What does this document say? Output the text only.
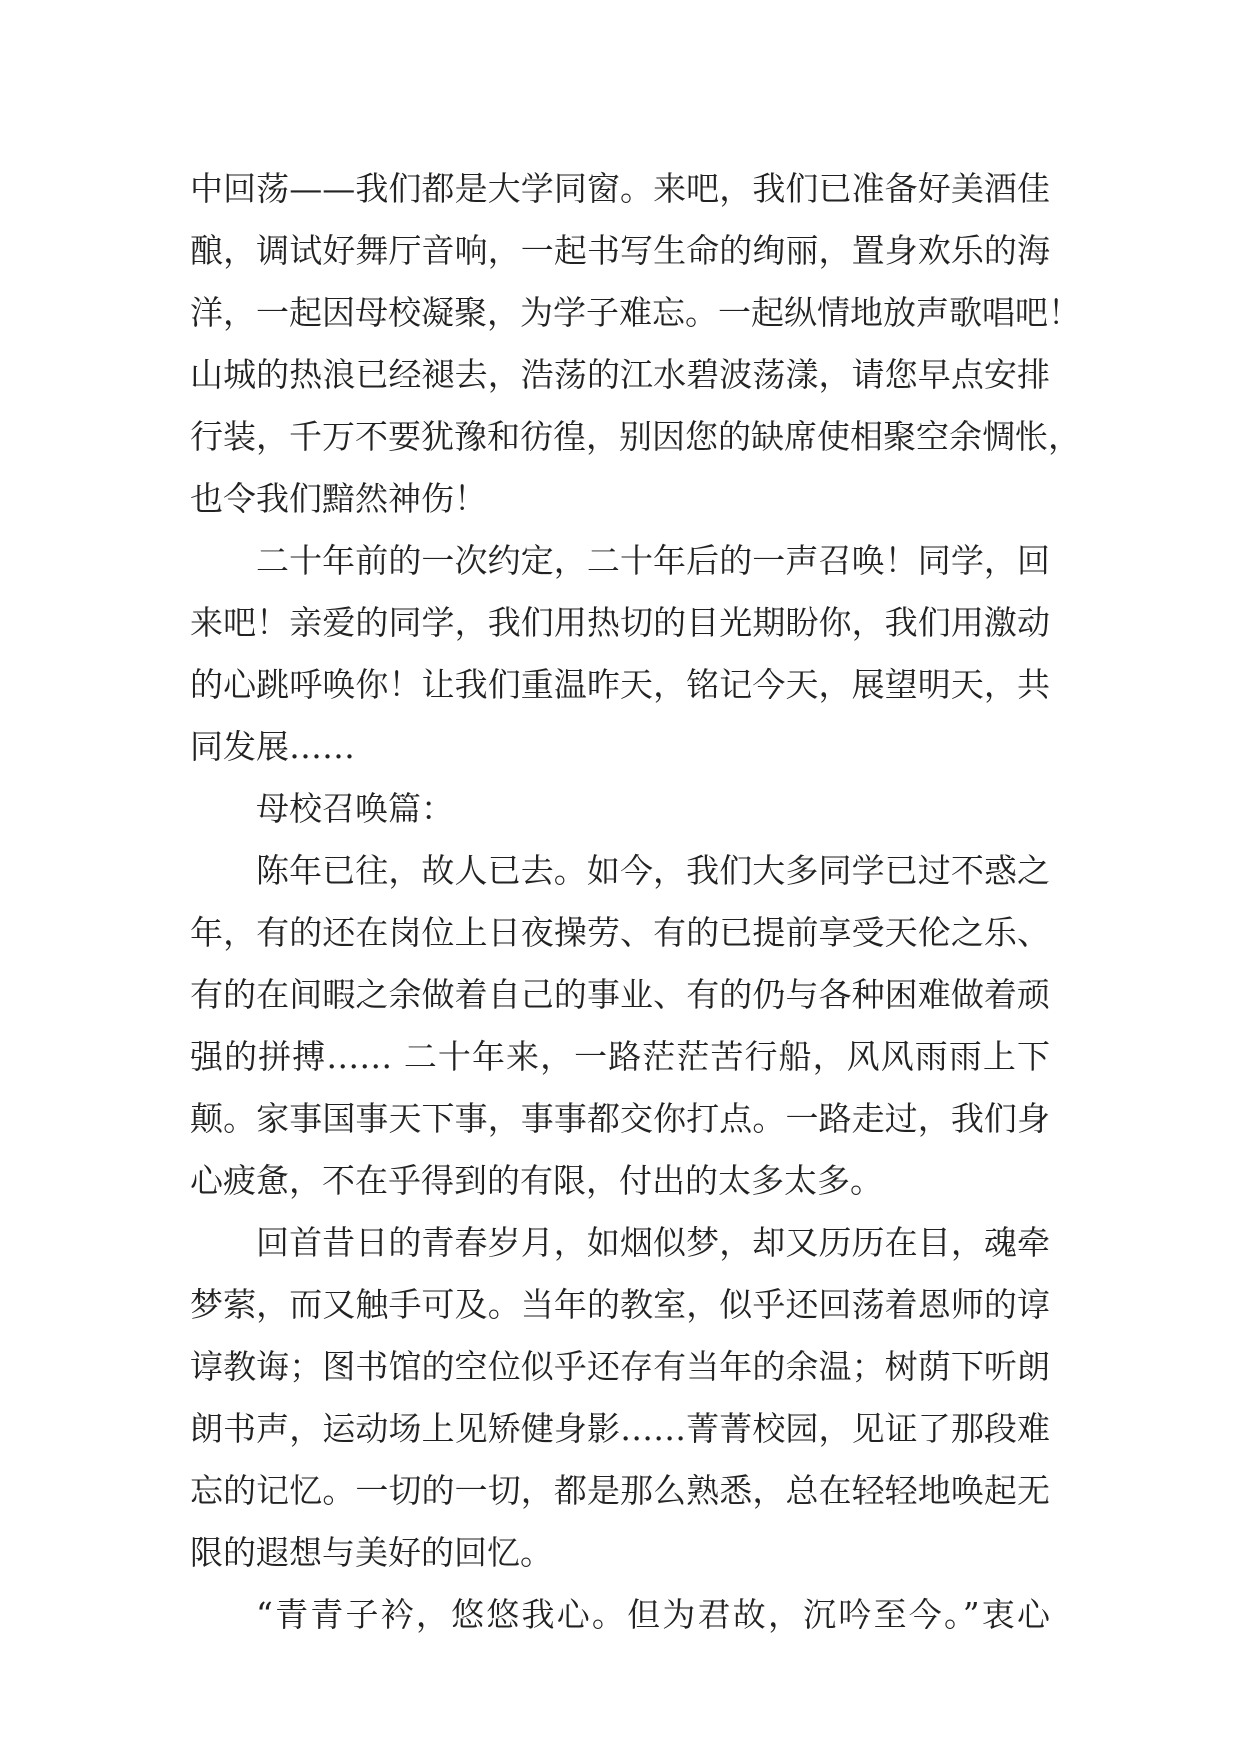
中回荡——我们都是大学同窗。来吧，我们已准备好美酒佳
酿，调试好舞厅音响，一起书写生命的绚丽，置身欢乐的海
洋，一起因母校凝聚，为学子难忘。一起纵情地放声歌唱吧！
山城的热浪已经褪去，浩荡的江水碧波荡漾，请您早点安排
行装，千万不要犹豫和彷徨，别因您的缺席使相聚空余惆怅，
也令我们黯然神伤！
二十年前的一次约定，二十年后的一声召唤！同学，回
来吧！亲爱的同学，我们用热切的目光期盼你，我们用激动
的心跳呼唤你！让我们重温昨天，铭记今天，展望明天，共
同发展……
母校召唤篇：
陈年已往，故人已去。如今，我们大多同学已过不惑之
年，有的还在岗位上日夜操劳、有的已提前享受天伦之乐、
有的在间暇之余做着自己的事业、有的仍与各种困难做着顽
强的拼搏…… 二十年来，一路茫茫苦行船，风风雨雨上下
颠。家事国事天下事，事事都交你打点。一路走过，我们身
心疲惫，不在乎得到的有限，付出的太多太多。
回首昔日的青春岁月，如烟似梦，却又历历在目，魂牵
梦萦，而又触手可及。当年的教室，似乎还回荡着恩师的谆
谆教诲；图书馆的空位似乎还存有当年的余温；树荫下听朗
朗书声，运动场上见矫健身影……菁菁校园，见证了那段难
忘的记忆。一切的一切，都是那么熟悉，总在轻轻地唤起无
限的遐想与美好的回忆。
“青青子衿，悠悠我心。但为君故，沉吟至今。”衷心
